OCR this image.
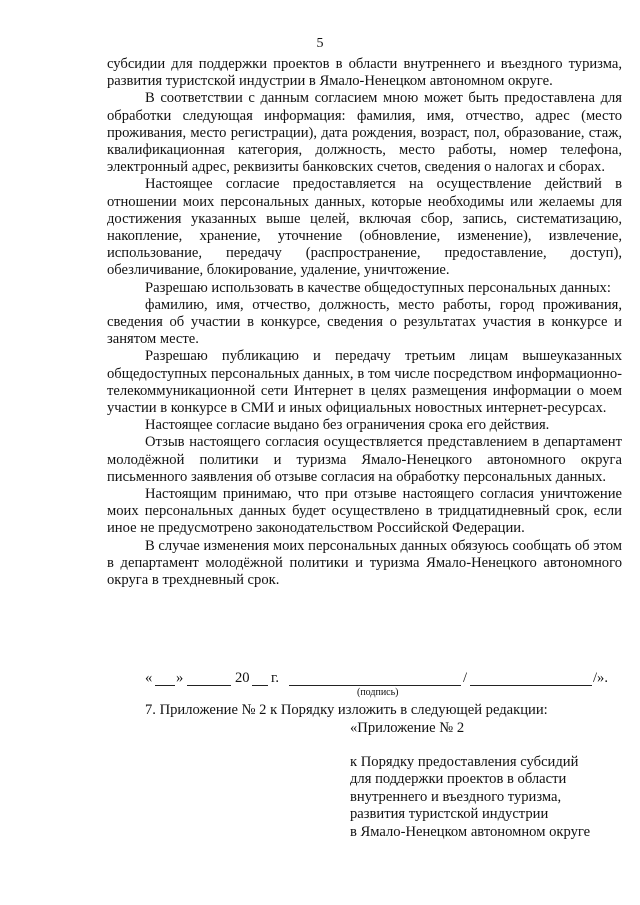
5

субсидии для поддержки проектов в области внутреннего и въездного туризма, развития туристской индустрии в Ямало-Ненецком автономном округе.

В соответствии с данным согласием мною может быть предоставлена для обработки следующая информация: фамилия, имя, отчество, адрес (место проживания, место регистрации), дата рождения, возраст, пол, образование, стаж, квалификационная категория, должность, место работы, номер телефона, электронный адрес, реквизиты банковских счетов, сведения о налогах и сборах.

Настоящее согласие предоставляется на осуществление действий в отношении моих персональных данных, которые необходимы или желаемы для достижения указанных выше целей, включая сбор, запись, систематизацию, накопление, хранение, уточнение (обновление, изменение), извлечение, использование, передачу (распространение, предоставление, доступ), обезличивание, блокирование, удаление, уничтожение.

Разрешаю использовать в качестве общедоступных персональных данных:

фамилию, имя, отчество, должность, место работы, город проживания, сведения об участии в конкурсе, сведения о результатах участия в конкурсе и занятом месте.

Разрешаю публикацию и передачу третьим лицам вышеуказанных общедоступных персональных данных, в том числе посредством информационно-телекоммуникационной сети Интернет в целях размещения информации о моем участии в конкурсе в СМИ и иных официальных новостных интернет-ресурсах.

Настоящее согласие выдано без ограничения срока его действия.

Отзыв настоящего согласия осуществляется представлением в департамент молодёжной политики и туризма Ямало-Ненецкого автономного округа письменного заявления об отзыве согласия на обработку персональных данных.

Настоящим принимаю, что при отзыве настоящего согласия уничтожение моих персональных данных будет осуществлено в тридцатидневный срок, если иное не предусмотрено законодательством Российской Федерации.

В случае изменения моих персональных данных обязуюсь сообщать об этом в департамент молодёжной политики и туризма Ямало-Ненецкого автономного округа в трехдневный срок.

« »	20 г.	/	/».
(подпись)
7. Приложение № 2 к Порядку изложить в следующей редакции:
«Приложение № 2
к Порядку предоставления субсидий
для поддержки проектов в области
внутреннего и въездного туризма,
развития туристской индустрии
в Ямало-Ненецком автономном округе
